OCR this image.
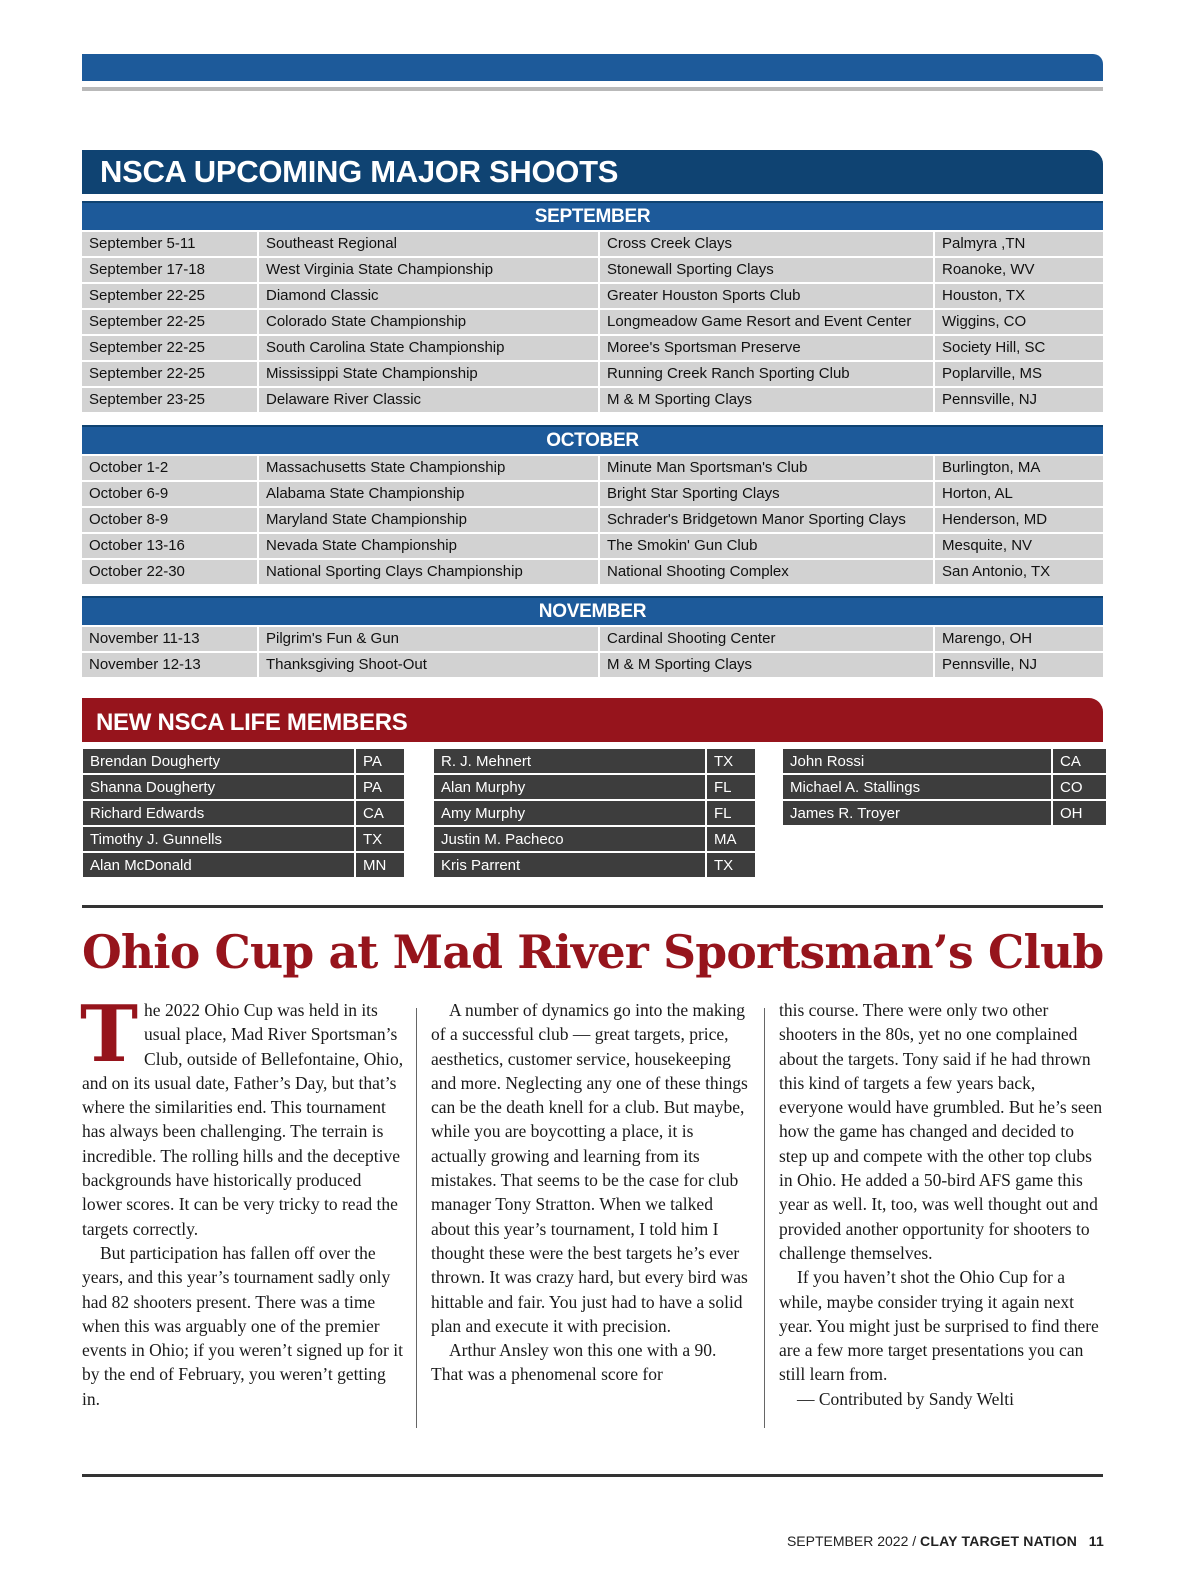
NSCA UPCOMING MAJOR SHOOTS
SEPTEMBER
September 5-11	Southeast Regional	Cross Creek Clays	Palmyra ,TN
September 17-18	West Virginia State Championship	Stonewall Sporting Clays	Roanoke, WV
September 22-25	Diamond Classic	Greater Houston Sports Club	Houston, TX
September 22-25	Colorado State Championship	Longmeadow Game Resort and Event Center	Wiggins, CO
September 22-25	South Carolina State Championship	Moree's Sportsman Preserve	Society Hill, SC
September 22-25	Mississippi State Championship	Running Creek Ranch Sporting Club	Poplarville, MS
September 23-25	Delaware River Classic	M & M Sporting Clays	Pennsville, NJ
OCTOBER
October 1-2	Massachusetts State Championship	Minute Man Sportsman's Club	Burlington, MA
October 6-9	Alabama State Championship	Bright Star Sporting Clays	Horton, AL
October 8-9	Maryland State Championship	Schrader's Bridgetown Manor Sporting Clays	Henderson, MD
October 13-16	Nevada State Championship	The Smokin' Gun Club	Mesquite, NV
October 22-30	National Sporting Clays Championship	National Shooting Complex	San Antonio, TX
NOVEMBER
November 11-13	Pilgrim's Fun & Gun	Cardinal Shooting Center	Marengo, OH
November 12-13	Thanksgiving Shoot-Out	M & M Sporting Clays	Pennsville, NJ
NEW NSCA LIFE MEMBERS
Brendan Dougherty	PA
Shanna Dougherty	PA
Richard Edwards	CA
Timothy J. Gunnells	TX
Alan McDonald	MN
R. J. Mehnert	TX
Alan Murphy	FL
Amy Murphy	FL
Justin M. Pacheco	MA
Kris Parrent	TX
John Rossi	CA
Michael A. Stallings	CO
James R. Troyer	OH
Ohio Cup at Mad River Sportsman’s Club

The 2022 Ohio Cup was held in its usual place, Mad River Sportsman’s Club, outside of Bellefontaine, Ohio, and on its usual date, Father’s Day, but that’s where the similarities end. This tournament has always been challenging. The terrain is incredible. The rolling hills and the deceptive backgrounds have historically produced lower scores. It can be very tricky to read the targets correctly.

But participation has fallen off over the years, and this year’s tournament sadly only had 82 shooters present. There was a time when this was arguably one of the premier events in Ohio; if you weren’t signed up for it by the end of February, you weren’t getting in.

A number of dynamics go into the making of a successful club — great targets, price, aesthetics, customer service, housekeeping and more. Neglecting any one of these things can be the death knell for a club. But maybe, while you are boycotting a place, it is actually growing and learning from its mistakes. That seems to be the case for club manager Tony Stratton. When we talked about this year’s tournament, I told him I thought these were the best targets he’s ever thrown. It was crazy hard, but every bird was hittable and fair. You just had to have a solid plan and execute it with precision.

Arthur Ansley won this one with a 90. That was a phenomenal score for

this course. There were only two other shooters in the 80s, yet no one complained about the targets. Tony said if he had thrown this kind of targets a few years back, everyone would have grumbled. But he’s seen how the game has changed and decided to step up and compete with the other top clubs in Ohio. He added a 50-bird AFS game this year as well. It, too, was well thought out and provided another opportunity for shooters to challenge themselves.

If you haven’t shot the Ohio Cup for a while, maybe consider trying it again next year. You might just be surprised to find there are a few more target presentations you can still learn from.

— Contributed by Sandy Welti

SEPTEMBER 2022 / CLAY TARGET NATION 11
